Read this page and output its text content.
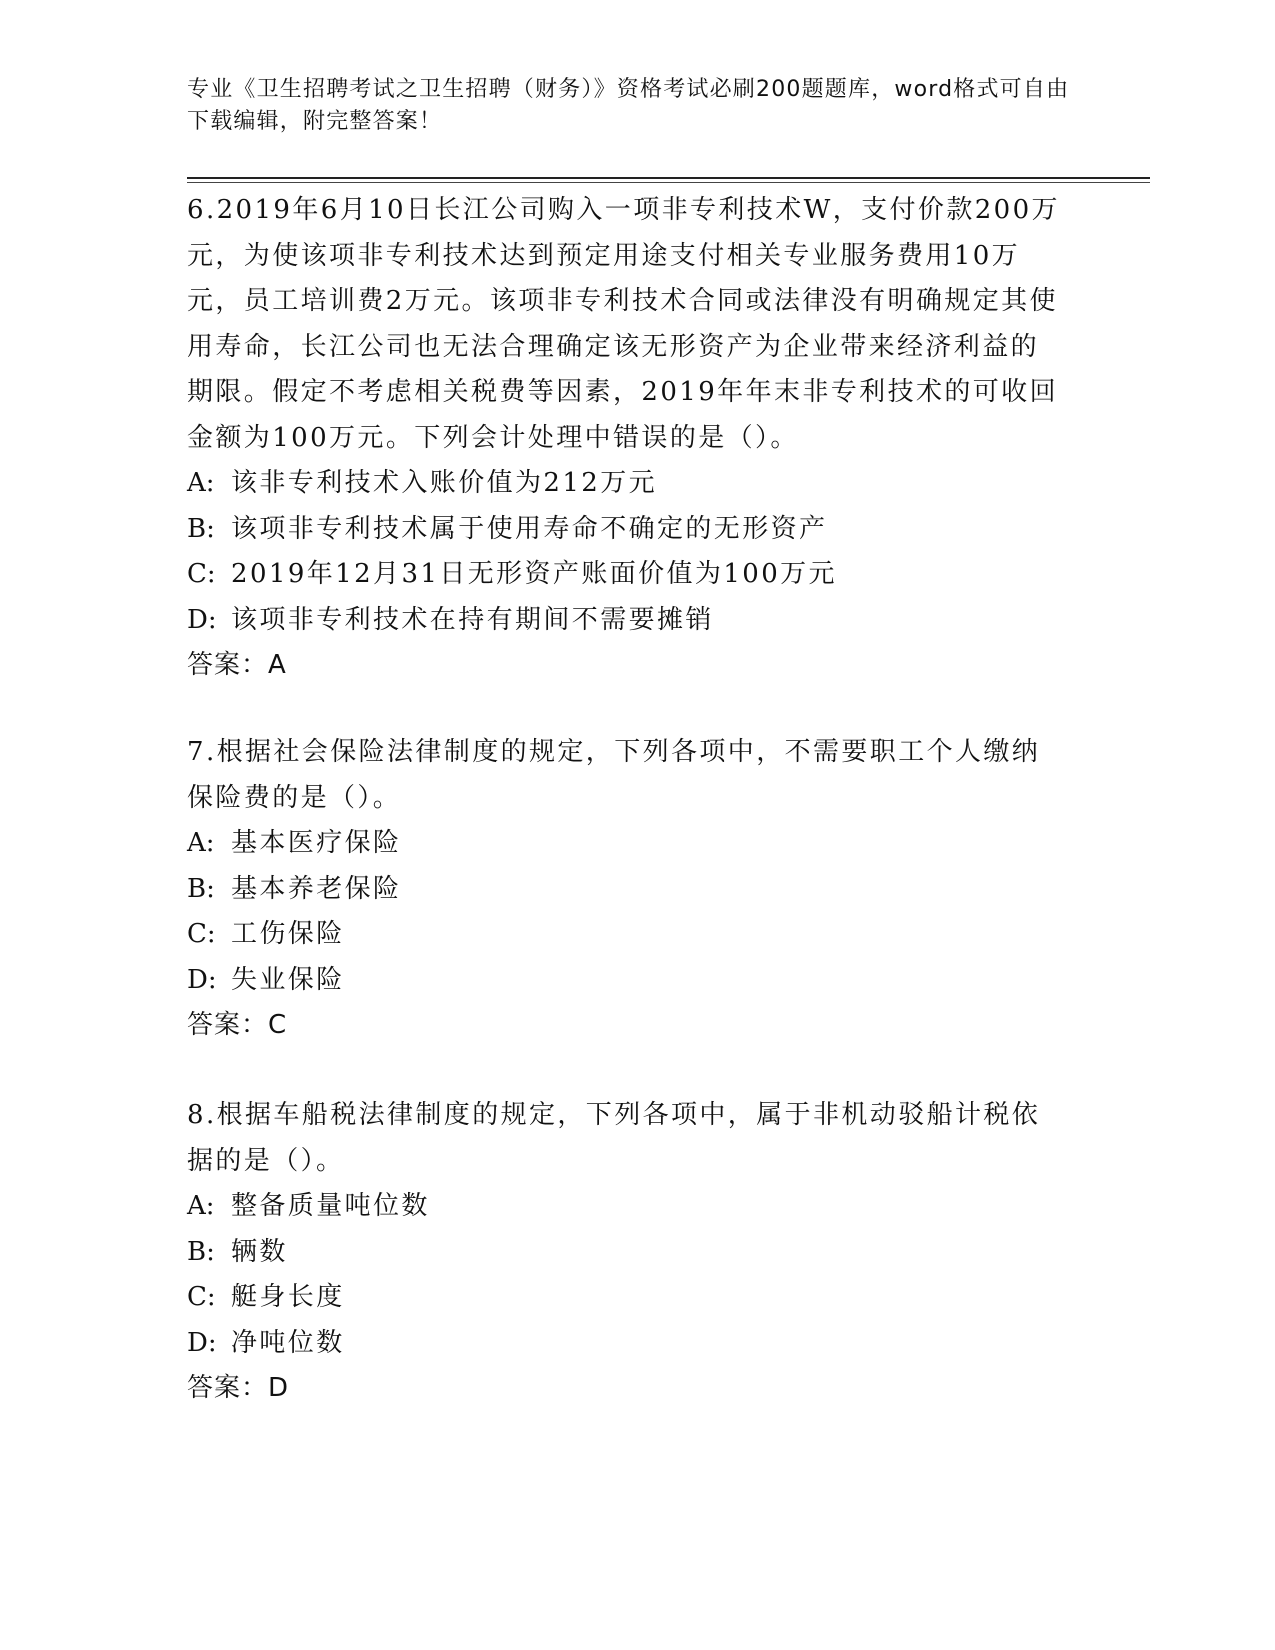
专业《卫生招聘考试之卫生招聘（财务）》资格考试必刷200题题库，word格式可自由下载编辑，附完整答案！

6.2019年6月10日长江公司购入一项非专利技术W，支付价款200万元，为使该项非专利技术达到预定用途支付相关专业服务费用10万元，员工培训费2万元。该项非专利技术合同或法律没有明确规定其使用寿命，长江公司也无法合理确定该无形资产为企业带来经济利益的期限。假定不考虑相关税费等因素，2019年年末非专利技术的可收回金额为100万元。下列会计处理中错误的是（）。

A: 该非专利技术入账价值为212万元

B: 该项非专利技术属于使用寿命不确定的无形资产

C: 2019年12月31日无形资产账面价值为100万元

D: 该项非专利技术在持有期间不需要摊销

答案：A

7.根据社会保险法律制度的规定，下列各项中，不需要职工个人缴纳保险费的是（）。

A: 基本医疗保险

B: 基本养老保险

C: 工伤保险

D: 失业保险

答案：C

8.根据车船税法律制度的规定，下列各项中，属于非机动驳船计税依据的是（）。

A: 整备质量吨位数

B: 辆数

C: 艇身长度

D: 净吨位数

答案：D
